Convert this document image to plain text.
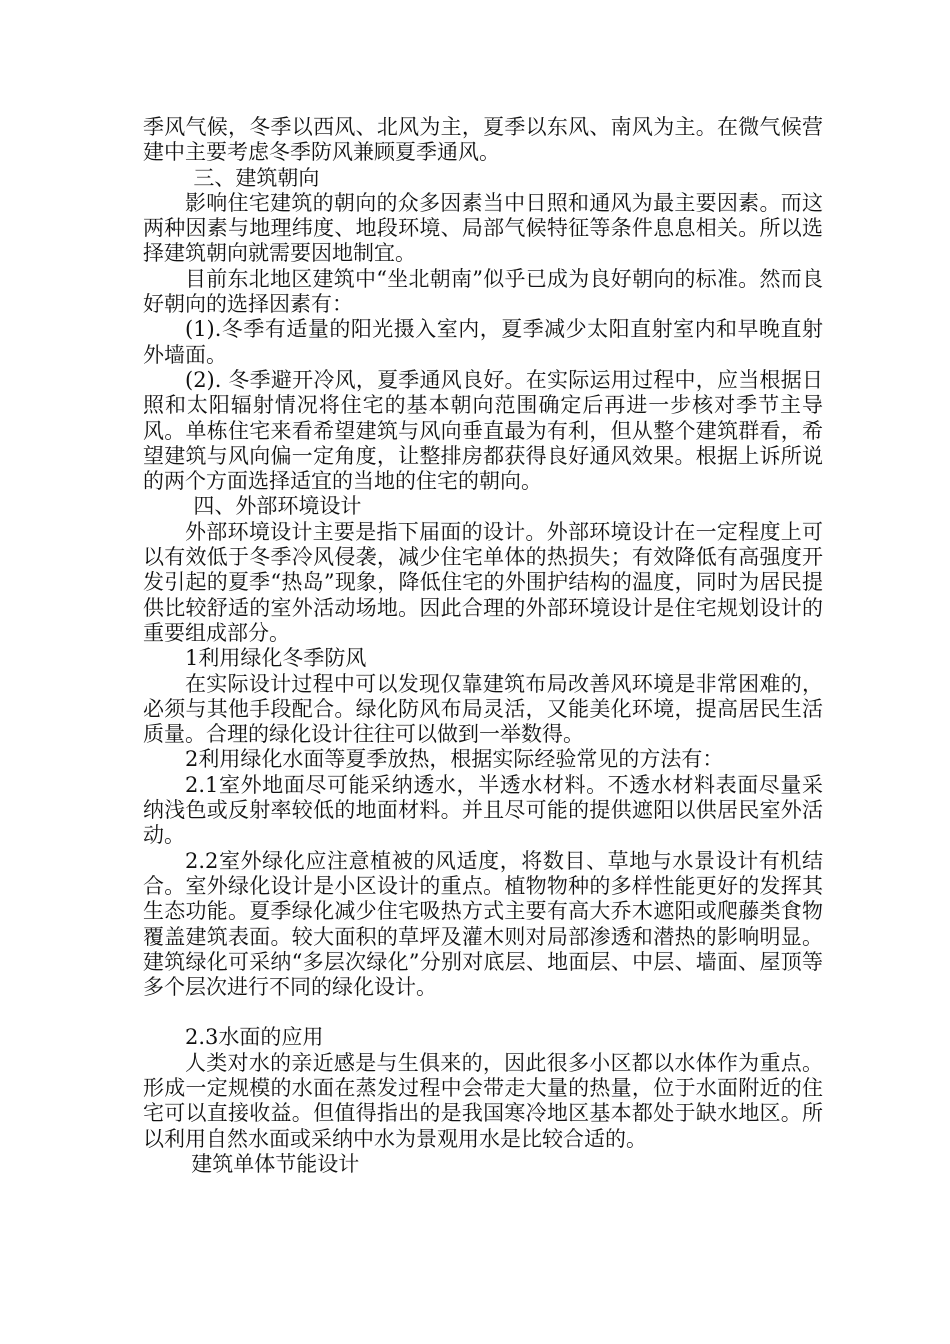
季风气候，冬季以西风、北风为主，夏季以东风、南风为主。在微气候营建中主要考虑冬季防风兼顾夏季通风。

三、建筑朝向

影响住宅建筑的朝向的众多因素当中日照和通风为最主要因素。而这两种因素与地理纬度、地段环境、局部气候特征等条件息息相关。所以选择建筑朝向就需要因地制宜。

目前东北地区建筑中“坐北朝南”似乎已成为良好朝向的标准。然而良好朝向的选择因素有：

(1).冬季有适量的阳光摄入室内，夏季减少太阳直射室内和早晚直射外墙面。

(2). 冬季避开冷风，夏季通风良好。在实际运用过程中，应当根据日照和太阳辐射情况将住宅的基本朝向范围确定后再进一步核对季节主导风。单栋住宅来看希望建筑与风向垂直最为有利，但从整个建筑群看，希望建筑与风向偏一定角度，让整排房都获得良好通风效果。根据上诉所说的两个方面选择适宜的当地的住宅的朝向。

四、外部环境设计

外部环境设计主要是指下届面的设计。外部环境设计在一定程度上可以有效低于冬季冷风侵袭，减少住宅单体的热损失；有效降低有高强度开发引起的夏季“热岛”现象，降低住宅的外围护结构的温度，同时为居民提供比较舒适的室外活动场地。因此合理的外部环境设计是住宅规划设计的重要组成部分。

1利用绿化冬季防风

在实际设计过程中可以发现仅靠建筑布局改善风环境是非常困难的，必须与其他手段配合。绿化防风布局灵活，又能美化环境，提高居民生活质量。合理的绿化设计往往可以做到一举数得。

2利用绿化水面等夏季放热，根据实际经验常见的方法有：

2.1室外地面尽可能采纳透水，半透水材料。不透水材料表面尽量采纳浅色或反射率较低的地面材料。并且尽可能的提供遮阳以供居民室外活动。

2.2室外绿化应注意植被的风适度，将数目、草地与水景设计有机结合。室外绿化设计是小区设计的重点。植物物种的多样性能更好的发挥其生态功能。夏季绿化减少住宅吸热方式主要有高大乔木遮阳或爬藤类食物覆盖建筑表面。较大面积的草坪及灌木则对局部渗透和潜热的影响明显。建筑绿化可采纳“多层次绿化”分别对底层、地面层、中层、墙面、屋顶等多个层次进行不同的绿化设计。

2.3水面的应用

人类对水的亲近感是与生俱来的，因此很多小区都以水体作为重点。形成一定规模的水面在蒸发过程中会带走大量的热量，位于水面附近的住宅可以直接收益。但值得指出的是我国寒冷地区基本都处于缺水地区。所以利用自然水面或采纳中水为景观用水是比较合适的。

建筑单体节能设计
